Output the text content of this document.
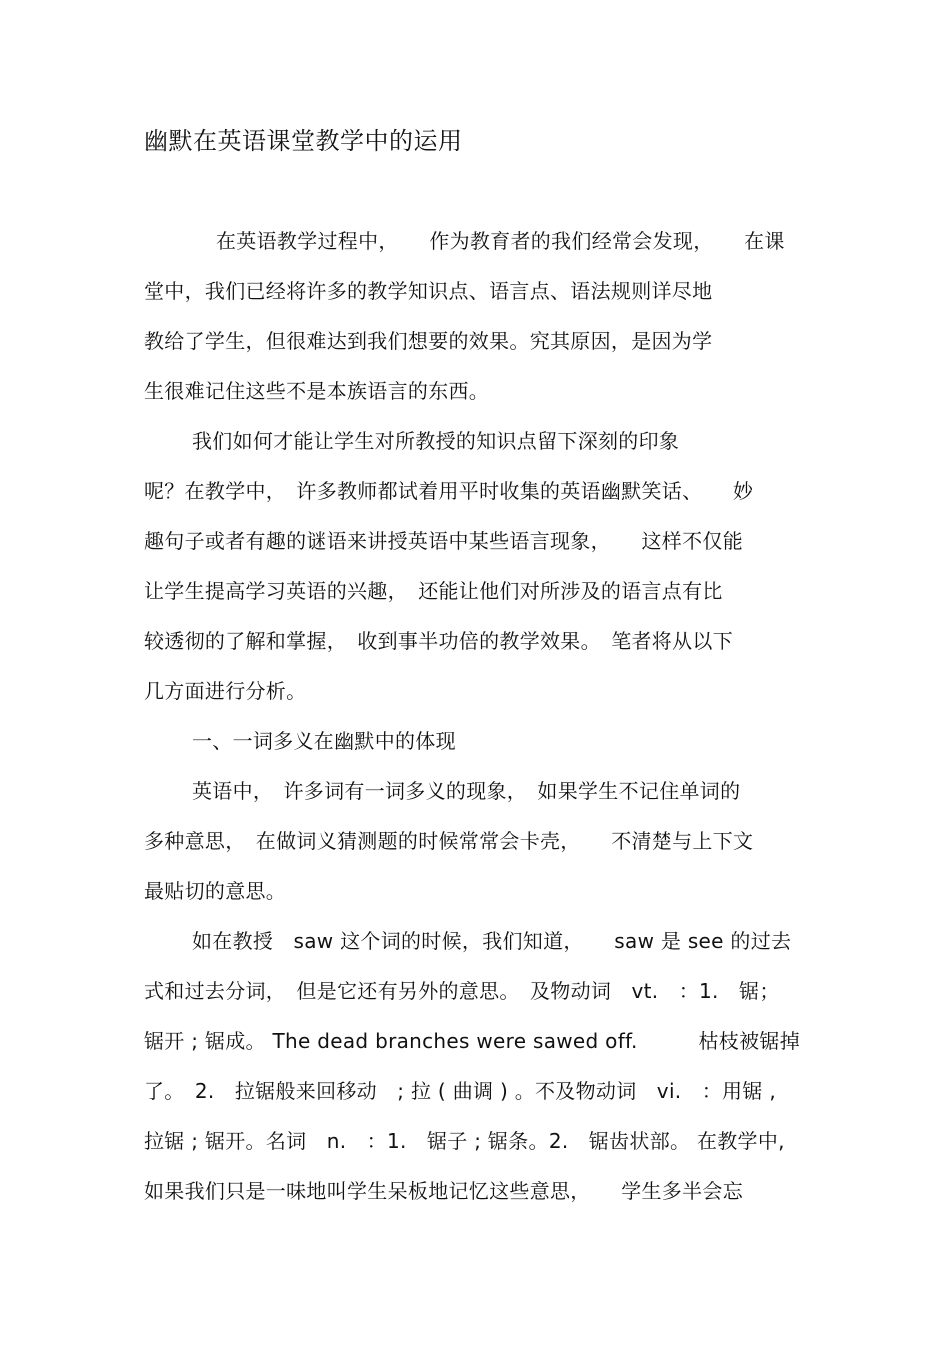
幽默在英语课堂教学中的运用
在英语教学过程中，　　作为教育者的我们经常会发现，　　在课
堂中，我们已经将许多的教学知识点、语言点、语法规则详尽地
教给了学生，但很难达到我们想要的效果。究其原因，是因为学
生很难记住这些不是本族语言的东西。
我们如何才能让学生对所教授的知识点留下深刻的印象
呢？在教学中，　许多教师都试着用平时收集的英语幽默笑话、　　妙
趣句子或者有趣的谜语来讲授英语中某些语言现象，　　这样不仅能
让学生提高学习英语的兴趣，　还能让他们对所涉及的语言点有比
较透彻的了解和掌握，　收到事半功倍的教学效果。　笔者将从以下
几方面进行分析。
一、一词多义在幽默中的体现
英语中，　许多词有一词多义的现象，　如果学生不记住单词的
多种意思，　在做词义猜测题的时候常常会卡壳，　　不清楚与上下文
最贴切的意思。
如在教授　saw 这个词的时候，我们知道，　　saw 是 see 的过去
式和过去分词，　但是它还有另外的意思。　及物动词　vt.　：1.　锯；
锯开 ; 锯成。 The dead branches were sawed off.　　　枯枝被锯掉
了。　2.　拉锯般来回移动　; 拉 ( 曲调 ) 。不及物动词　vi.　：用锯 ,
拉锯 ; 锯开。名词　n.　：1.　锯子 ; 锯条。2.　锯齿状部。 在教学中,
如果我们只是一味地叫学生呆板地记忆这些意思，　　学生多半会忘
